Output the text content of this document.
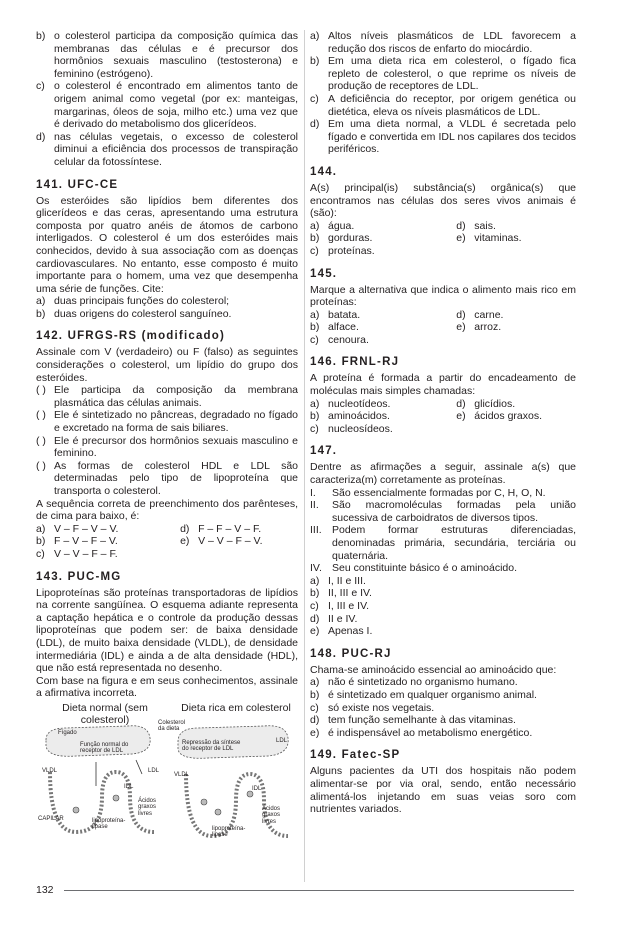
b) o colesterol participa da composição química das membranas das células e é precursor dos hormônios sexuais masculino (testosterona) e feminino (estrógeno).
c) o colesterol é encontrado em alimentos tanto de origem animal como vegetal (por ex: manteigas, margarinas, óleos de soja, milho etc.) uma vez que é derivado do metabolismo dos glicerídeos.
d) nas células vegetais, o excesso de colesterol diminui a eficiência dos processos de transpiração celular da fotossíntese.
141. UFC-CE

Os esteróides são lipídios bem diferentes dos glicerídeos e das ceras, apresentando uma estrutura composta por quatro anéis de átomos de carbono interligados. O colesterol é um dos esteróides mais conhecidos, devido à sua associação com as doenças cardiovasculares. No entanto, esse composto é muito importante para o homem, uma vez que desempenha uma série de funções. Cite:

a) duas principais funções do colesterol;
b) duas origens do colesterol sanguíneo.
142. UFRGS-RS (modificado)

Assinale com V (verdadeiro) ou F (falso) as seguintes considerações o colesterol, um lipídio do grupo dos esteróides.

( ) Ele participa da composição da membrana plasmática das células animais.
( ) Ele é sintetizado no pâncreas, degradado no fígado e excretado na forma de sais biliares.
( ) Ele é precursor dos hormônios sexuais masculino e feminino.
( ) As formas de colesterol HDL e LDL são determinadas pelo tipo de lipoproteína que transporta o colesterol.

A sequência correta de preenchimento dos parênteses, de cima para baixo, é:

a) V – F – V – V.	d) F – F – V – F.
b) F – V – F – V.	e) V – V – F – V.
c) V – V – F – F.
143. PUC-MG

Lipoproteínas são proteínas transportadoras de lipídios na corrente sangüínea. O esquema adiante representa a captação hepática e o controle da produção dessas lipoproteínas que podem ser: de baixa densidade (LDL), de muito baixa densidade (VLDL), de densidade intermediária (IDL) e ainda a de alta densidade (HDL), que não está representada no desenho.

Com base na figura e em seus conhecimentos, assinale a afirmativa incorreta.

Dieta normal (sem colesterol)
Dieta rica em colesterol
Fígado
Função normal do receptor de LDL
VLDL	LDL
IDL
Ácidos graxos livres
CAPILAR	lipoproteína-lipase
Colesterol da dieta
Repressão da síntese do receptor de LDL
LDL
VLDL
IDL
Ácidos graxos livres
lipoproteína-lipase
a) Altos níveis plasmáticos de LDL favorecem a redução dos riscos de enfarto do miocárdio.
b) Em uma dieta rica em colesterol, o fígado fica repleto de colesterol, o que reprime os níveis de produção de receptores de LDL.
c) A deficiência do receptor, por origem genética ou dietética, eleva os níveis plasmáticos de LDL.
d) Em uma dieta normal, a VLDL é secretada pelo fígado e convertida em IDL nos capilares dos tecidos periféricos.
144.

A(s) principal(is) substância(s) orgânica(s) que encontramos nas células dos seres vivos animais é (são):

a) água.	d) sais.
b) gorduras.	e) vitaminas.
c) proteínas.
145.

Marque a alternativa que indica o alimento mais rico em proteínas:

a) batata.	d) carne.
b) alface.	e) arroz.
c) cenoura.
146. FRNL-RJ

A proteína é formada a partir do encadeamento de moléculas mais simples chamadas:

a) nucleotídeos.	d) glicídios.
b) aminoácidos.	e) ácidos graxos.
c) nucleosídeos.
147.

Dentre as afirmações a seguir, assinale a(s) que caracteriza(m) corretamente as proteínas.

I.	São essencialmente formadas por C, H, O, N.
II.	São macromoléculas formadas pela união sucessiva de carboidratos de diversos tipos.
III. Podem formar estruturas diferenciadas, denominadas primária, secundária, terciária ou quaternária.
IV. Seu constituinte básico é o aminoácido.
a) I, II e III.
b) II, III e IV.
c) I, III e IV.
d) II e IV.
e) Apenas I.
148. PUC-RJ

Chama-se aminoácido essencial ao aminoácido que:

a) não é sintetizado no organismo humano.
b) é sintetizado em qualquer organismo animal.
c) só existe nos vegetais.
d) tem função semelhante à das vitaminas.
e) é indispensável ao metabolismo energético.
149. Fatec-SP

Alguns pacientes da UTI dos hospitais não podem alimentar-se por via oral, sendo, então necessário alimentá-los injetando em suas veias soro com nutrientes variados.

132
